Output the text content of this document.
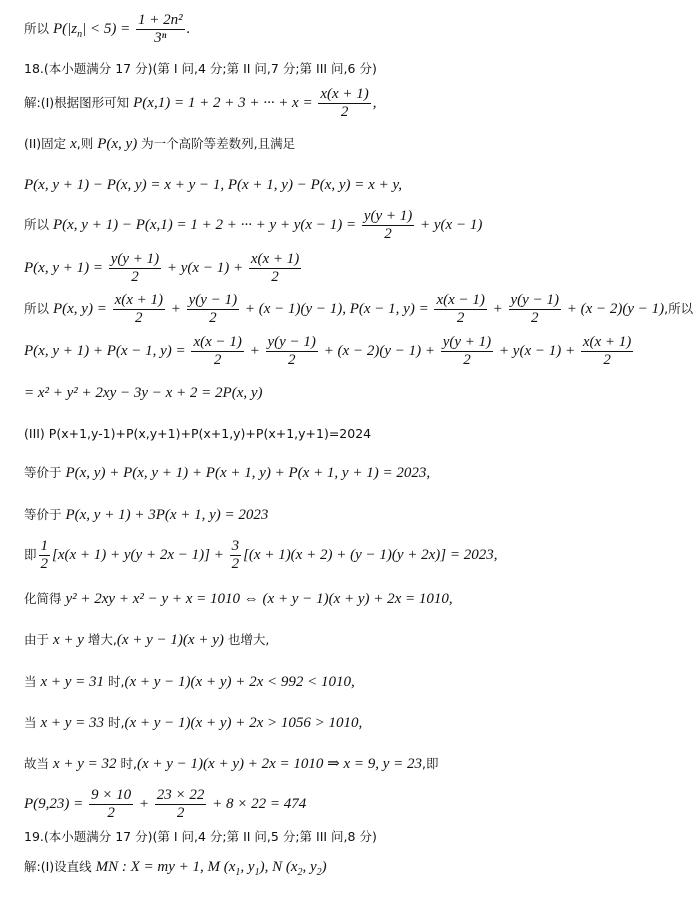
所以 $P(|z_n| < 5) = \frac{\text{1 + 2n²}}{\text{3ⁿ}}$ .
18.(本小题满分 17 分)(第 I 问,4 分;第 II 问,7 分;第 III 问,6 分)
解:(I)根据图形可知 P(x,1) = 1 + 2 + 3 + ··· + $x = \frac{x(x + 1)}{2}$ ,
(II)固定 x,则 P(x, y) 为一个高阶等差数列,且满足
P(x, y + 1) − P(x, y) = x + y − 1, P(x + 1, y) − P(x, y) = x + y,
所以 P(x, y + 1) − P(x,1) = 1 + 2 + ··· + $y + y(x - 1) = \frac{y(y + 1)}{2} + y(x - 1)$
P(x, $y + 1) = \frac{y(y + 1)}{2} + y(x - 1) + \frac{x(x + 1)}{2}$
所以 P(x, $y) = \frac{x(x + 1)}{2} + \frac{y(y - 1)}{2} + (x - 1)(y - 1)$, P(x − 1, $y) = \frac{x(x - 1)}{2} + \frac{y(y - 1)}{2} + (x - 2)(y - 1)$,所以
P(x, y + 1) + P(x − 1, $y) = \frac{x(x - 1)}{2} + \frac{y(y - 1)}{2} + (x - 2)(y - 1) + \frac{y(y + 1)}{2} + y(x - 1) + \frac{x(x + 1)}{2}$
= x² + y² + 2xy − 3y − x + 2 = 2P(x, y)
(III) P(x+1,y-1)+P(x,y+1)+P(x+1,y)+P(x+1,y+1)=2024
等价于 P(x, y) + P(x, y + 1) + P(x + 1, y) + P(x + 1, y + 1) = 2023,
等价于 P(x, y + 1) + 3P(x + 1, y) = 2023
即 $\frac{1}{2} [x(x + 1) + y(y + 2x - 1)] + \frac{3}{2} [(x + 1)(x + 2) + (y - 1)(y + 2x)] = 2023$,
化简得 y² + 2xy + x² − y + x = 1010 ⇔ (x + y − 1)(x + y) + 2x = 1010,
由于 x + y 增大,(x + y − 1)(x + y) 也增大,
当 x + y = 31 时,(x + y − 1)(x + y) + 2x < 992 < 1010,
当 x + y = 33 时,(x + y − 1)(x + y) + 2x > 1056 > 1010,
故当 x + y = 32 时,(x + y − 1)(x + y) + 2x = 1010 ⇒ x = 9, y = 23,即
$P(9,23) = \frac{9 \times 10}{2} + \frac{23 \times 22}{2} + 8 \times 22 = 474$
19.(本小题满分 17 分)(第 I 问,4 分;第 II 问,5 分;第 III 问,8 分)
解:(I)设直线 MN : X = my + 1, M ($x_1$, $y_1$), N ($x_2$, $y_2$)
